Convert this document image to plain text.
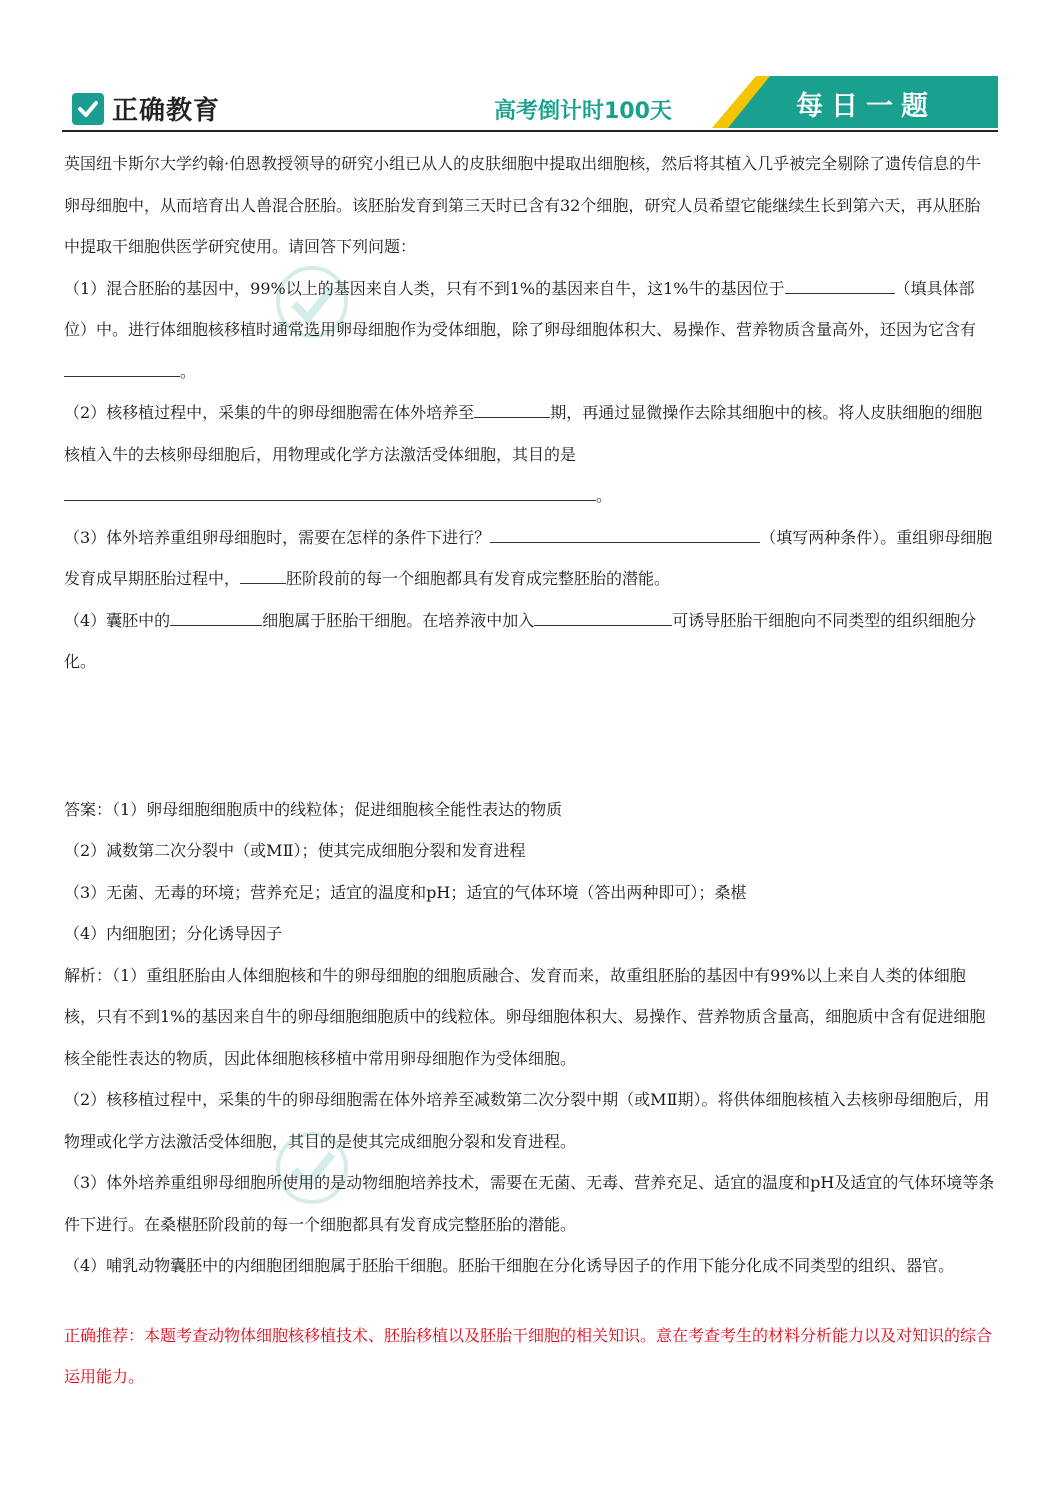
正确教育	高考倒计时100天	每日一题

英国纽卡斯尔大学约翰·伯恩教授领导的研究小组已从人的皮肤细胞中提取出细胞核，然后将其植入几乎被完全剔除了遗传信息的牛卵母细胞中，从而培育出人兽混合胚胎。该胚胎发育到第三天时已含有32个细胞，研究人员希望它能继续生长到第六天，再从胚胎中提取干细胞供医学研究使用。请回答下列问题：

（1）混合胚胎的基因中，99%以上的基因来自人类，只有不到1%的基因来自牛，这1%牛的基因位于	（填具体部位）中。进行体细胞核移植时通常选用卵母细胞作为受体细胞，除了卵母细胞体积大、易操作、营养物质含量高外，还因为它含有。

（2）核移植过程中，采集的牛的卵母细胞需在体外培养至	期，再通过显微操作去除其细胞中的核。将人皮肤细胞的细胞核植入牛的去核卵母细胞后，用物理或化学方法激活受体细胞，其目的是
。

（3）体外培养重组卵母细胞时，需要在怎样的条件下进行？	（填写两种条件）。重组卵母细胞发育成早期胚胎过程中，	胚阶段前的每一个细胞都具有发育成完整胚胎的潜能。

（4）囊胚中的	细胞属于胚胎干细胞。在培养液中加入	可诱导胚胎干细胞向不同类型的组织细胞分化。

答案：（1）卵母细胞细胞质中的线粒体；促进细胞核全能性表达的物质

（2）减数第二次分裂中（或MⅡ）；使其完成细胞分裂和发育进程

（3）无菌、无毒的环境；营养充足；适宜的温度和pH；适宜的气体环境（答出两种即可）；桑椹

（4）内细胞团；分化诱导因子

解析：（1）重组胚胎由人体细胞核和牛的卵母细胞的细胞质融合、发育而来，故重组胚胎的基因中有99%以上来自人类的体细胞核，只有不到1%的基因来自牛的卵母细胞细胞质中的线粒体。卵母细胞体积大、易操作、营养物质含量高，细胞质中含有促进细胞核全能性表达的物质，因此体细胞核移植中常用卵母细胞作为受体细胞。

（2）核移植过程中，采集的牛的卵母细胞需在体外培养至减数第二次分裂中期（或MⅡ期）。将供体细胞核植入去核卵母细胞后，用物理或化学方法激活受体细胞，其目的是使其完成细胞分裂和发育进程。

（3）体外培养重组卵母细胞所使用的是动物细胞培养技术，需要在无菌、无毒、营养充足、适宜的温度和pH及适宜的气体环境等条件下进行。在桑椹胚阶段前的每一个细胞都具有发育成完整胚胎的潜能。

（4）哺乳动物囊胚中的内细胞团细胞属于胚胎干细胞。胚胎干细胞在分化诱导因子的作用下能分化成不同类型的组织、器官。

正确推荐：本题考查动物体细胞核移植技术、胚胎移植以及胚胎干细胞的相关知识。意在考查考生的材料分析能力以及对知识的综合运用能力。
